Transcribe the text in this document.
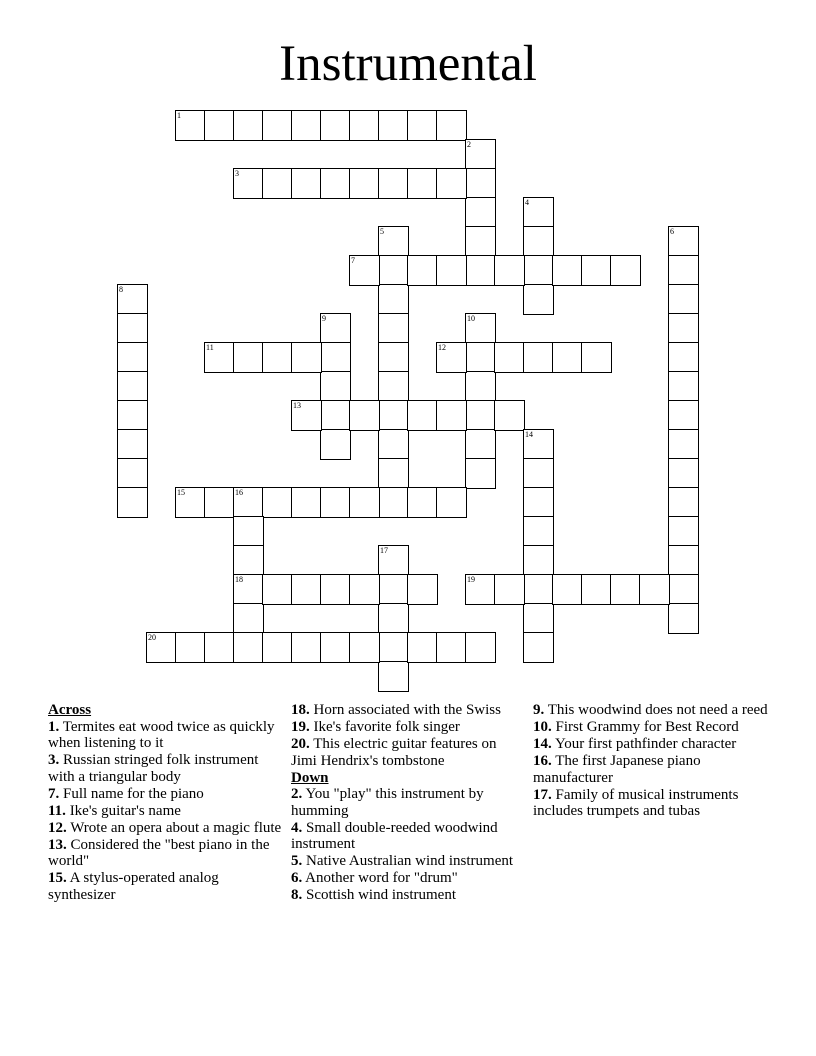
Instrumental
1
2
3
4
5	6
7
8
9	10
11	12
13
14
15	16
18
17
19
20
Across
1. Termites eat wood twice as quickly when listening to it
3. Russian stringed folk instrument with a triangular body
7. Full name for the piano
11. Ike's guitar's name
12. Wrote an opera about a magic flute
13. Considered the "best piano in the world"
15. A stylus-operated analog synthesizer
18. Horn associated with the Swiss
19. Ike's favorite folk singer
20. This electric guitar features on Jimi Hendrix's tombstone
Down
2. You "play" this instrument by humming
4. Small double-reeded woodwind instrument
5. Native Australian wind instrument
6. Another word for "drum"
8. Scottish wind instrument
9. This woodwind does not need a reed
10. First Grammy for Best Record
14. Your first pathfinder character
16. The first Japanese piano manufacturer
17. Family of musical instruments includes trumpets and tubas
